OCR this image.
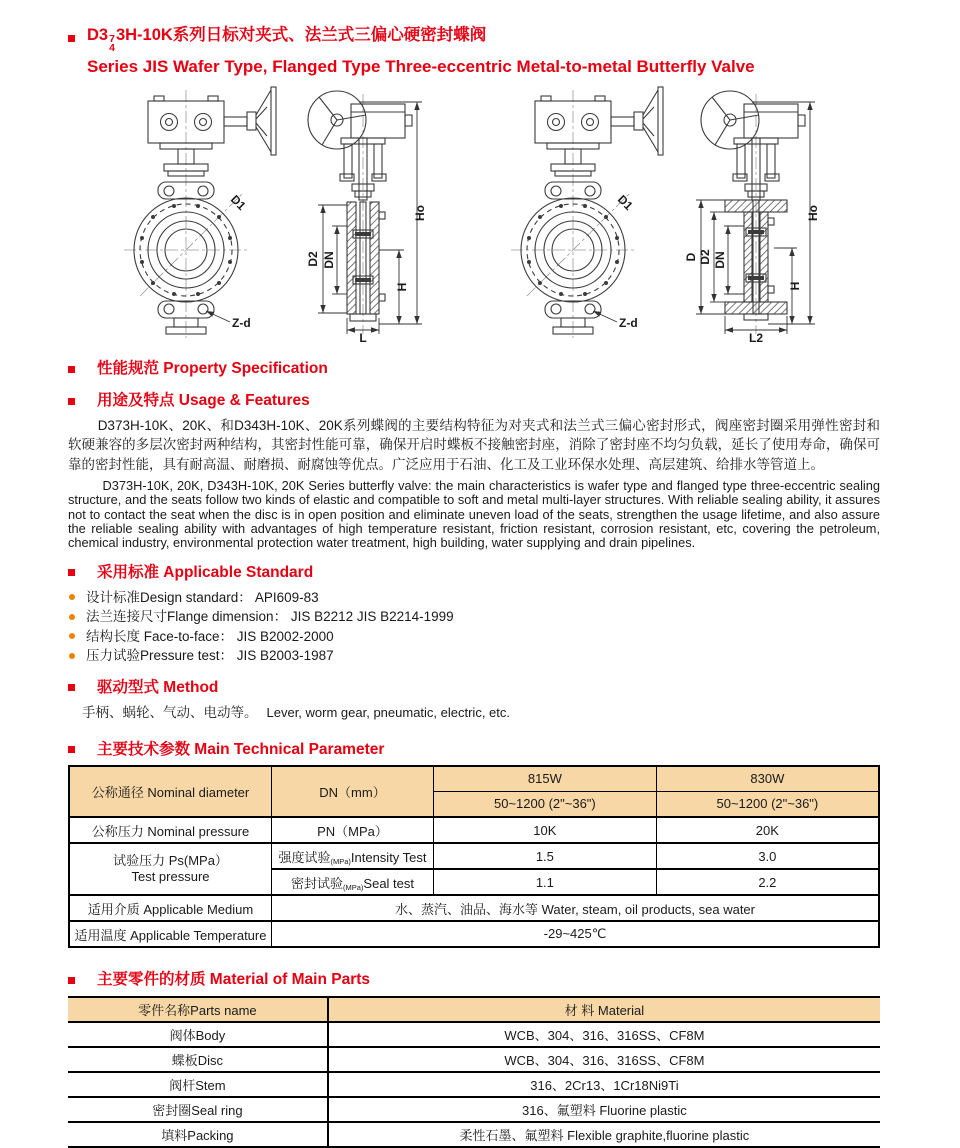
D3 7
4
3H-10K系列日标对夹式、法兰式三偏心硬密封蝶阀
Series JIS Wafer Type, Flanged Type Three-eccentric Metal-to-metal Butterfly Valve
Z-d
D2 DN
Ho
H
L
D D2 DN
Ho
H
L2
性能规范 Property Specification
用途及特点 Usage & Features

D373H-10K、20K、和D343H-10K、20K系列蝶阀的主要结构特征为对夹式和法兰式三偏心密封形式，阀座密封圈采用弹性密封和软硬兼容的多层次密封两种结构，其密封性能可靠，确保开启时蝶板不接触密封座，消除了密封座不均匀负载，延长了使用寿命，确保可靠的密封性能，具有耐高温、耐磨损、耐腐蚀等优点。广泛应用于石油、化工及工业环保水处理、高层建筑、给排水等管道上。

D373H-10K, 20K, D343H-10K, 20K Series butterfly valve: the main characteristics is wafer type and flanged type three-eccentric sealing structure, and the seats follow two kinds of elastic and compatible to soft and metal multi-layer structures. With reliable sealing ability, it assures not to contact the seat when the disc is in open position and eliminate uneven load of the seats, strengthen the usage lifetime, and also assure the reliable sealing ability with advantages of high temperature resistant, friction resistant, corrosion resistant, etc, covering the petroleum, chemical industry, environmental protection water treatment, high building, water supplying and drain pipelines.

采用标准 Applicable Standard
设计标准Design standard： API609-83
法兰连接尺寸Flange dimension： JIS B2212 JIS B2214-1999
结构长度 Face-to-face： JIS B2002-2000
压力试验Pressure test： JIS B2003-1987
驱动型式 Method
手柄、蜗轮、气动、电动等。 Lever, worm gear, pneumatic, electric, etc.
主要技术参数 Main Technical Parameter
公称通径 Nominal diameter	DN（mm）	815W	830W
		50~1200 (2"~36")	50~1200 (2"~36")
公称压力 Nominal pressure	PN（MPa）	10K	20K

试验压力 Ps(MPa）
Test pressure	强度试验(MPa)Intensity Test	1.5	3.0
	密封试验(MPa)Seal test	1.1	2.2
适用介质 Applicable Medium	水、蒸汽、油品、海水等 Water, steam, oil products, sea water		
适用温度 Applicable Temperature	-29~425℃		
主要零件的材质 Material of Main Parts
零件名称Parts name	材 料 Material
阀体Body	WCB、304、316、316SS、CF8M
蝶板Disc	WCB、304、316、316SS、CF8M
阀杆Stem	316、2Cr13、1Cr18Ni9Ti
密封圈Seal ring	316、氟塑料 Fluorine plastic
填料Packing	柔性石墨、氟塑料 Flexible graphite,fluorine plastic
